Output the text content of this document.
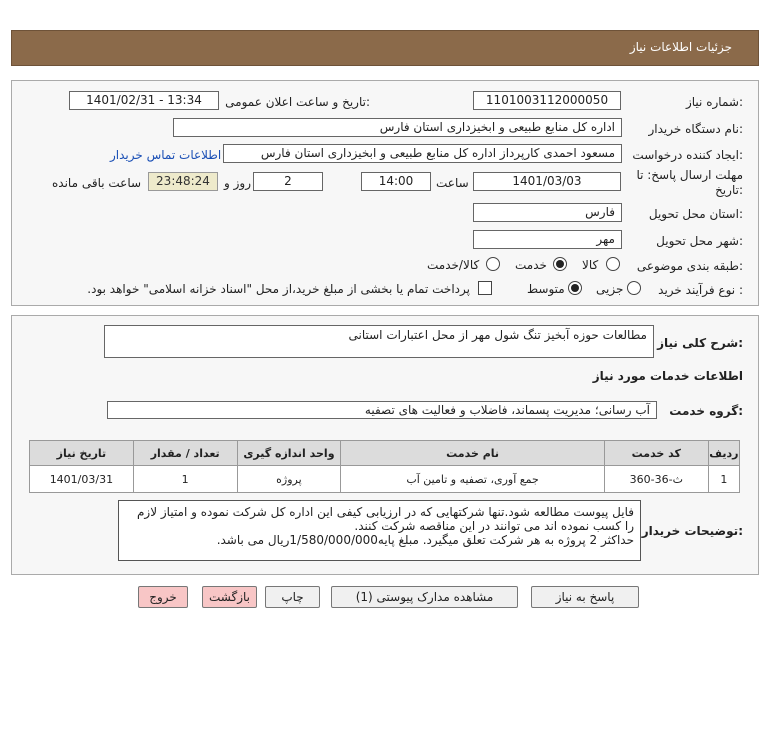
جزئیات اطلاعات نیاز
شماره نیاز:
1101003112000050
تاریخ و ساعت اعلان عمومی:
1401/02/31 - 13:34
نام دستگاه خریدار:
اداره کل منابع طبیعی و ابخیزداری استان فارس
ایجاد کننده درخواست:
مسعود احمدی کارپرداز اداره کل منابع طبیعی و ابخیزداری استان فارس
اطلاعات تماس خریدار
مهلت ارسال پاسخ: تا
تاریخ:
1401/03/03
ساعت
14:00
2
روز و
23:48:24
ساعت باقی مانده
استان محل تحویل:
فارس
شهر محل تحویل:
مهر
طبقه بندی موضوعی:
کالا
خدمت
کالا/خدمت
نوع فرآیند خرید :
جزیی
متوسط
پرداخت تمام یا بخشی از مبلغ خرید،از محل "اسناد خزانه اسلامی" خواهد بود.
شرح کلی نیاز:
مطالعات حوزه آبخیز تنگ شول مهر از محل اعتبارات استانی
اطلاعات خدمات مورد نیاز
گروه خدمت:
آب رسانی؛ مدیریت پسماند، فاضلاب و فعالیت های تصفیه
ردیف	کد خدمت	نام خدمت	واحد اندازه گیری	تعداد / مقدار	تاریخ نیاز
1	ث-36-360	جمع آوری، تصفیه و تامین آب	پروژه	1	1401/03/31
توضیحات خریدار:
فایل پیوست مطالعه شود.تنها شرکتهایی که در ارزیابی کیفی این اداره کل شرکت نموده و امتیاز لازم را کسب نموده اند می توانند در این مناقصه شرکت کنند.
حداکثر 2 پروژه به هر شرکت تعلق میگیرد. مبلغ پایه1/580/000/000ریال می باشد.
پاسخ به نیاز
مشاهده مدارک پیوستی (1)
چاپ
بازگشت
خروج
